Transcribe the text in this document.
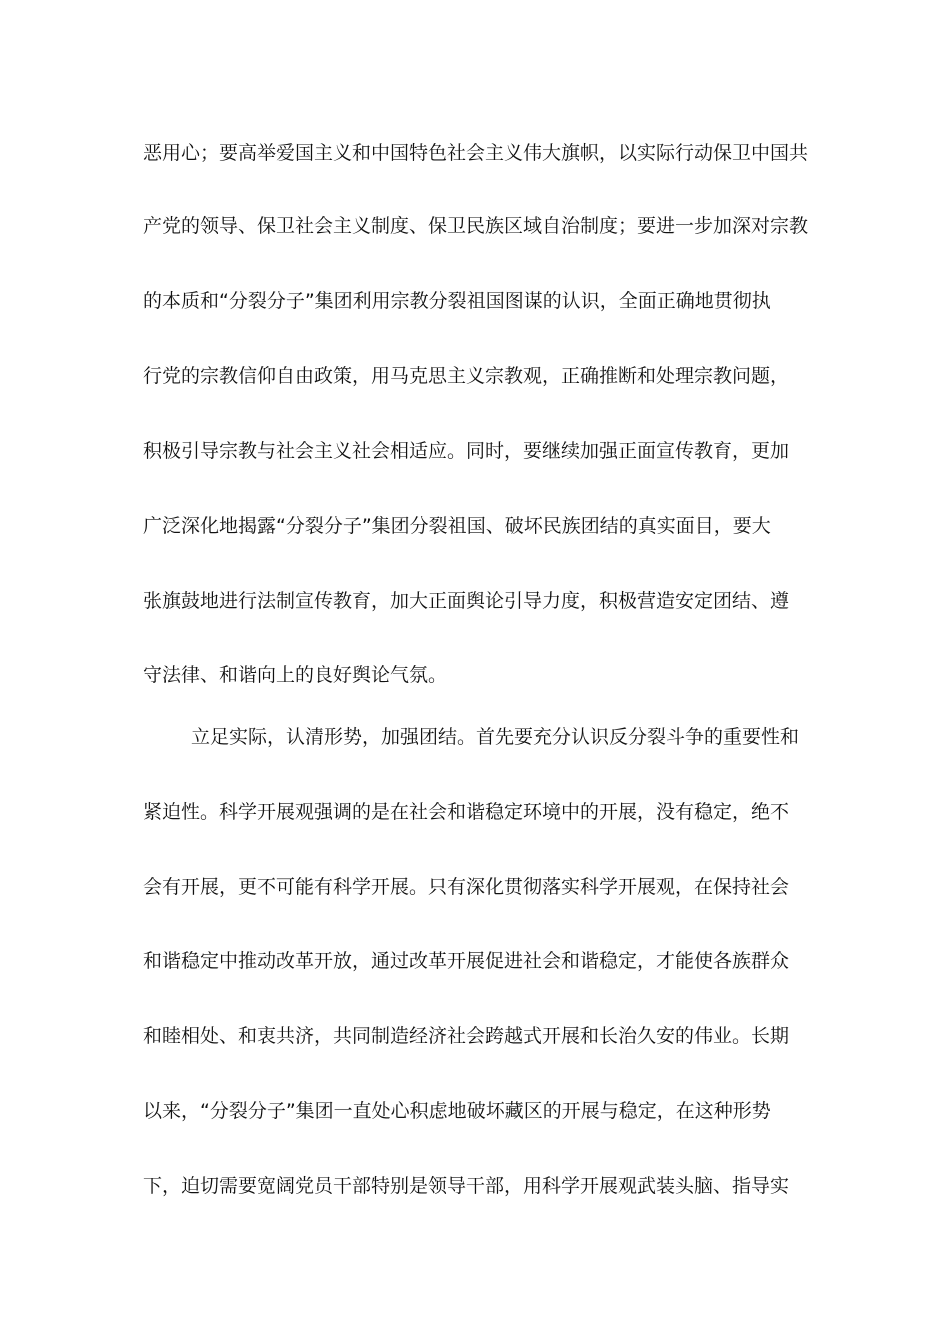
恶用心；要高举爱国主义和中国特色社会主义伟大旗帜，以实际行动保卫中国共
产党的领导、保卫社会主义制度、保卫民族区域自治制度；要进一步加深对宗教
的本质和“分裂分子”集团利用宗教分裂祖国图谋的认识，全面正确地贯彻执
行党的宗教信仰自由政策，用马克思主义宗教观，正确推断和处理宗教问题，
积极引导宗教与社会主义社会相适应。同时，要继续加强正面宣传教育，更加
广泛深化地揭露“分裂分子”集团分裂祖国、破坏民族团结的真实面目，要大
张旗鼓地进行法制宣传教育，加大正面舆论引导力度，积极营造安定团结、遵
守法律、和谐向上的良好舆论气氛。
立足实际，认清形势，加强团结。首先要充分认识反分裂斗争的重要性和
紧迫性。科学开展观强调的是在社会和谐稳定环境中的开展，没有稳定，绝不
会有开展，更不可能有科学开展。只有深化贯彻落实科学开展观，在保持社会
和谐稳定中推动改革开放，通过改革开展促进社会和谐稳定，才能使各族群众
和睦相处、和衷共济，共同制造经济社会跨越式开展和长治久安的伟业。长期
以来，“分裂分子”集团一直处心积虑地破坏藏区的开展与稳定，在这种形势
下，迫切需要宽阔党员干部特别是领导干部，用科学开展观武装头脑、指导实
